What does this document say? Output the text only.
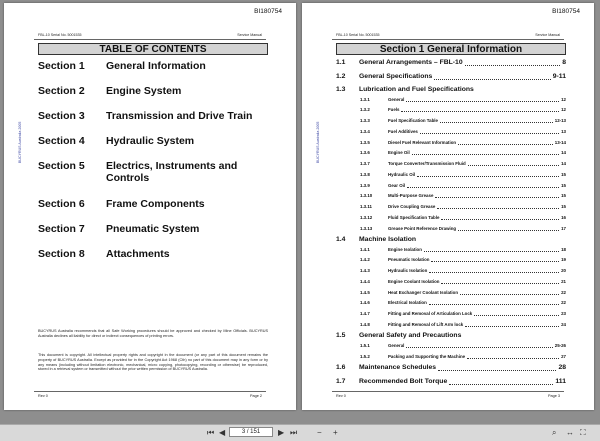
BI180754
FBL-10 Serial No. 5001535	Service Manual
BUCYRUS Australia 2005
TABLE OF CONTENTS
Section 1 General Information
Section 2 Engine System
Section 3 Transmission and Drive Train
Section 4 Hydraulic System
Section 5 Electrics, Instruments and
Controls
Section 6 Frame Components
Section 7 Pneumatic System
Section 8 Attachments
BUCYRUS Australia recommends that all Safe Working procedures should be approved and checked by Mine Officials. BUCYRUS Australia declines all liability for direct or indirect consequences of printing errors.
This document is copyright. All intellectual property rights and copyright in the document (or any part of this document remains the property of BUCYRUS Australia. Except as provided for in the Copyright Act 1968 (Cth) no part of this document may in any form or by any means (including without limitation electronic, mechanical, micro copying, photocopying, recording or otherwise) be reproduced, stored in a retrieval system or transmitted without the prior written permission of BUCYRUS Australia.
Rev 0	Page 2
BI180754
FBL-10 Serial No. 5001535	Service Manual
BUCYRUS Australia 2005
Section 1 General Information
1.1 General Arrangements – FBL-10	8
1.2 General Specifications	9-11
1.3 Lubrication and Fuel Specifications
1.3.1	General	12
1.3.2	Fuels	12
1.3.3	Fuel Specification Table	12-13
1.3.4	Fuel Additives	13
1.3.5	Diesel Fuel Relevant Information	13-14
1.3.6	Engine Oil	14
1.3.7	Torque Converter/Transmission Fluid	14
1.3.8	Hydraulic Oil	15
1.3.9	Gear Oil	15
1.3.10	Multi-Purpose Grease	15
1.3.11	Drive Coupling Grease	15
1.3.12	Fluid Specification Table	16
1.3.13	Grease Point Reference Drawing	17
1.4 Machine Isolation
1.4.1	Engine Isolation	18
1.4.2	Pneumatic Isolation	19
1.4.3	Hydraulic Isolation	20
1.4.4	Engine Coolant Isolation	21
1.4.5	Heat Exchanger Coolant Isolation	22
1.4.6	Electrical Isolation	22
1.4.7	Fitting and Removal of Articulation Lock	23
1.4.8	Fitting and Removal of Lift Arm lock	24
1.5 General Safety and Precautions
1.5.1	General	25-26
1.5.2	Packing and Supporting the Machine	27
1.6 Maintenance Schedules	28
1.7 Recommended Bolt Torque	111
Rev 0	Page 3
⏮ ◀	3 / 151	▶ ⏭ − +	⌕ ↔ ⛶
